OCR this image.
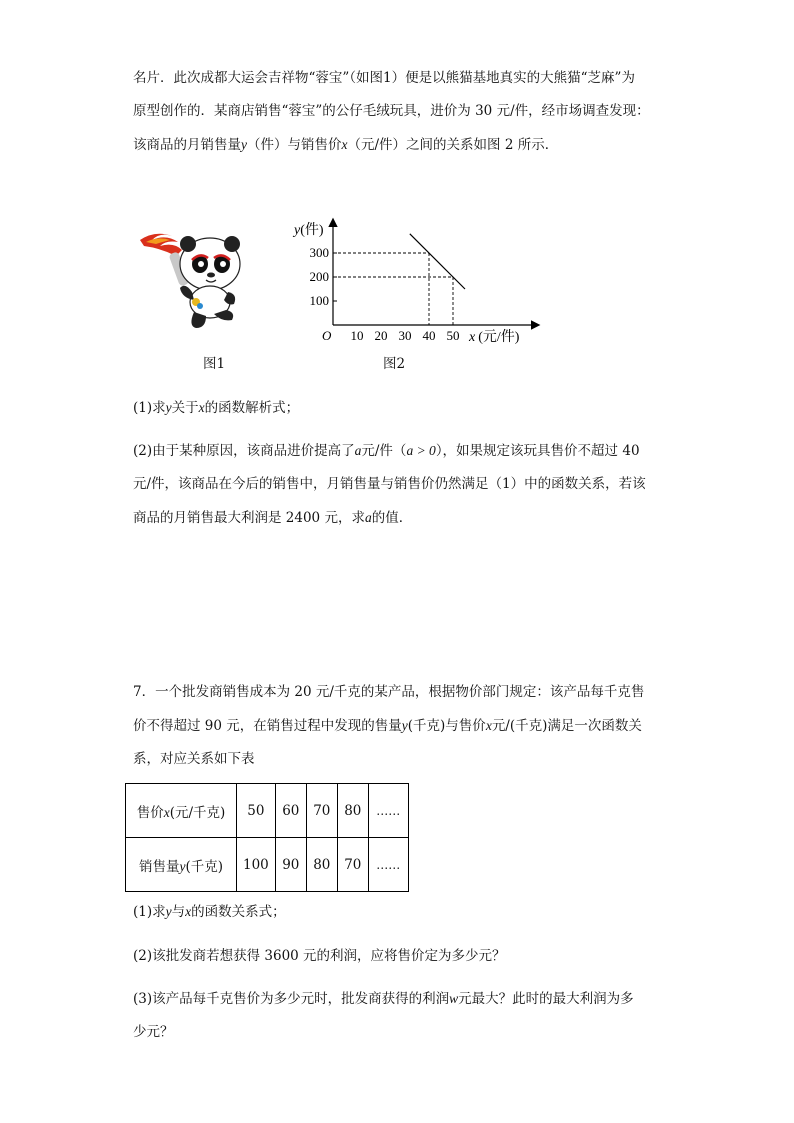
名片．此次成都大运会吉祥物“蓉宝”（如图1）便是以熊猫基地真实的大熊猫“芝麻”为

原型创作的．某商店销售“蓉宝”的公仔毛绒玩具，进价为 30 元/件，经市场调查发现：

该商品的月销售量y（件）与销售价x（元/件）之间的关系如图 2 所示．

图1
y(件)
x (元/件)
O 10 20 30 40 50
100
200
300
图2
(1)求y关于x的函数解析式；

(2)由于某种原因，该商品进价提高了a元/件（a > 0），如果规定该玩具售价不超过 40

元/件，该商品在今后的销售中，月销售量与销售价仍然满足（1）中的函数关系，若该

商品的月销售最大利润是 2400 元，求a的值．

7．一个批发商销售成本为 20 元/千克的某产品，根据物价部门规定：该产品每千克售

价不得超过 90 元，在销售过程中发现的售量y(千克)与售价x元/(千克)满足一次函数关

系，对应关系如下表

售价x(元/千克)	50	60	70	80	……
销售量y(千克)	100	90	80	70	……
(1)求y与x的函数关系式；
(2)该批发商若想获得 3600 元的利润，应将售价定为多少元？

(3)该产品每千克售价为多少元时，批发商获得的利润w元最大？此时的最大利润为多

少元？
